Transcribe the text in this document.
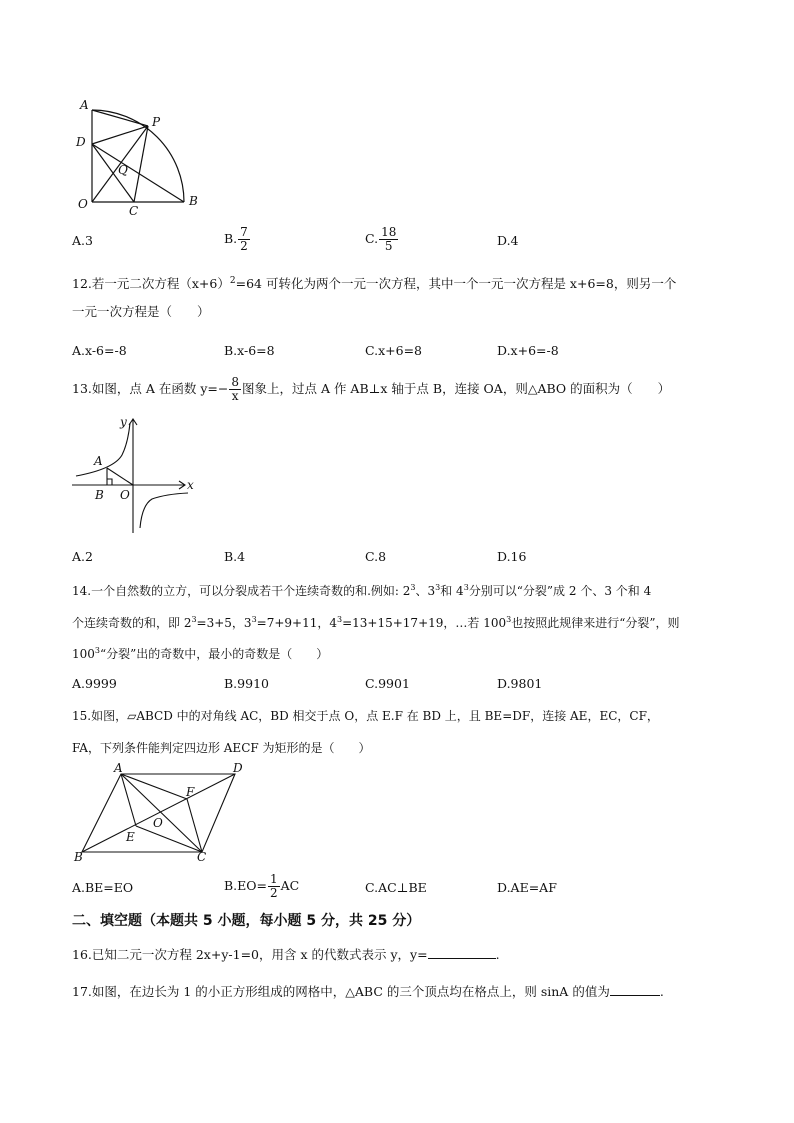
A
P
D
Q
O	C
B
A.3	B. $\frac{7}{2}$	C. $\frac{18}{5}$	D.4
12.若一元二次方程$(x+6)^2=64$ 可转化为两个一元一次方程，其中一个一元一次方程是 x+6=8，则另一个
一元一次方程是（　　）
A.x-6=-8	B.x-6=8	C.x+6=8	D.x+6=-8
13.如图，点 A 在函数 $y=- \frac{8}{x}$ 图象上，过点 A 作 AB⊥x 轴于点 B，连接 OA，则△ABO 的面积为（　　）
y
x
A
B O
A.2	B.4	C.8	D.16
14.一个自然数的立方，可以分裂成若干个连续奇数的和.例如: $2^3$、$3^3$和 $4^3$分别可以“分裂”成 2 个、3 个和 4
个连续奇数的和，即 $2^3=3+5$，$3^3=7+9+11$，$4^3=13+15+17+19$，…若 $100^3$也按照此规律来进行“分裂”，则
$100^3“$分裂”出的奇数中，最小的奇数是（　　）
A.9999	B.9910	C.9901	D.9801
15.如图，▱ABCD 中的对角线 AC，BD 相交于点 O，点 E.F 在 BD 上，且 BE=DF，连接 AE，EC，CF，
FA，下列条件能判定四边形 AECF 为矩形的是（　　）
A	D
F
O
E
B	C
A.BE=EO	$B.EO= \frac{1}{2}$ AC	C.AC⊥BE	D.AE=AF
二、填空题（本题共 5 小题，每小题 5 分，共 25 分）
16.已知二元一次方程 2x+y-1=0，用含 x 的代数式表示 y，y=	.
17.如图，在边长为 1 的小正方形组成的网格中，△ABC 的三个顶点均在格点上，则 sinA 的值为	.
